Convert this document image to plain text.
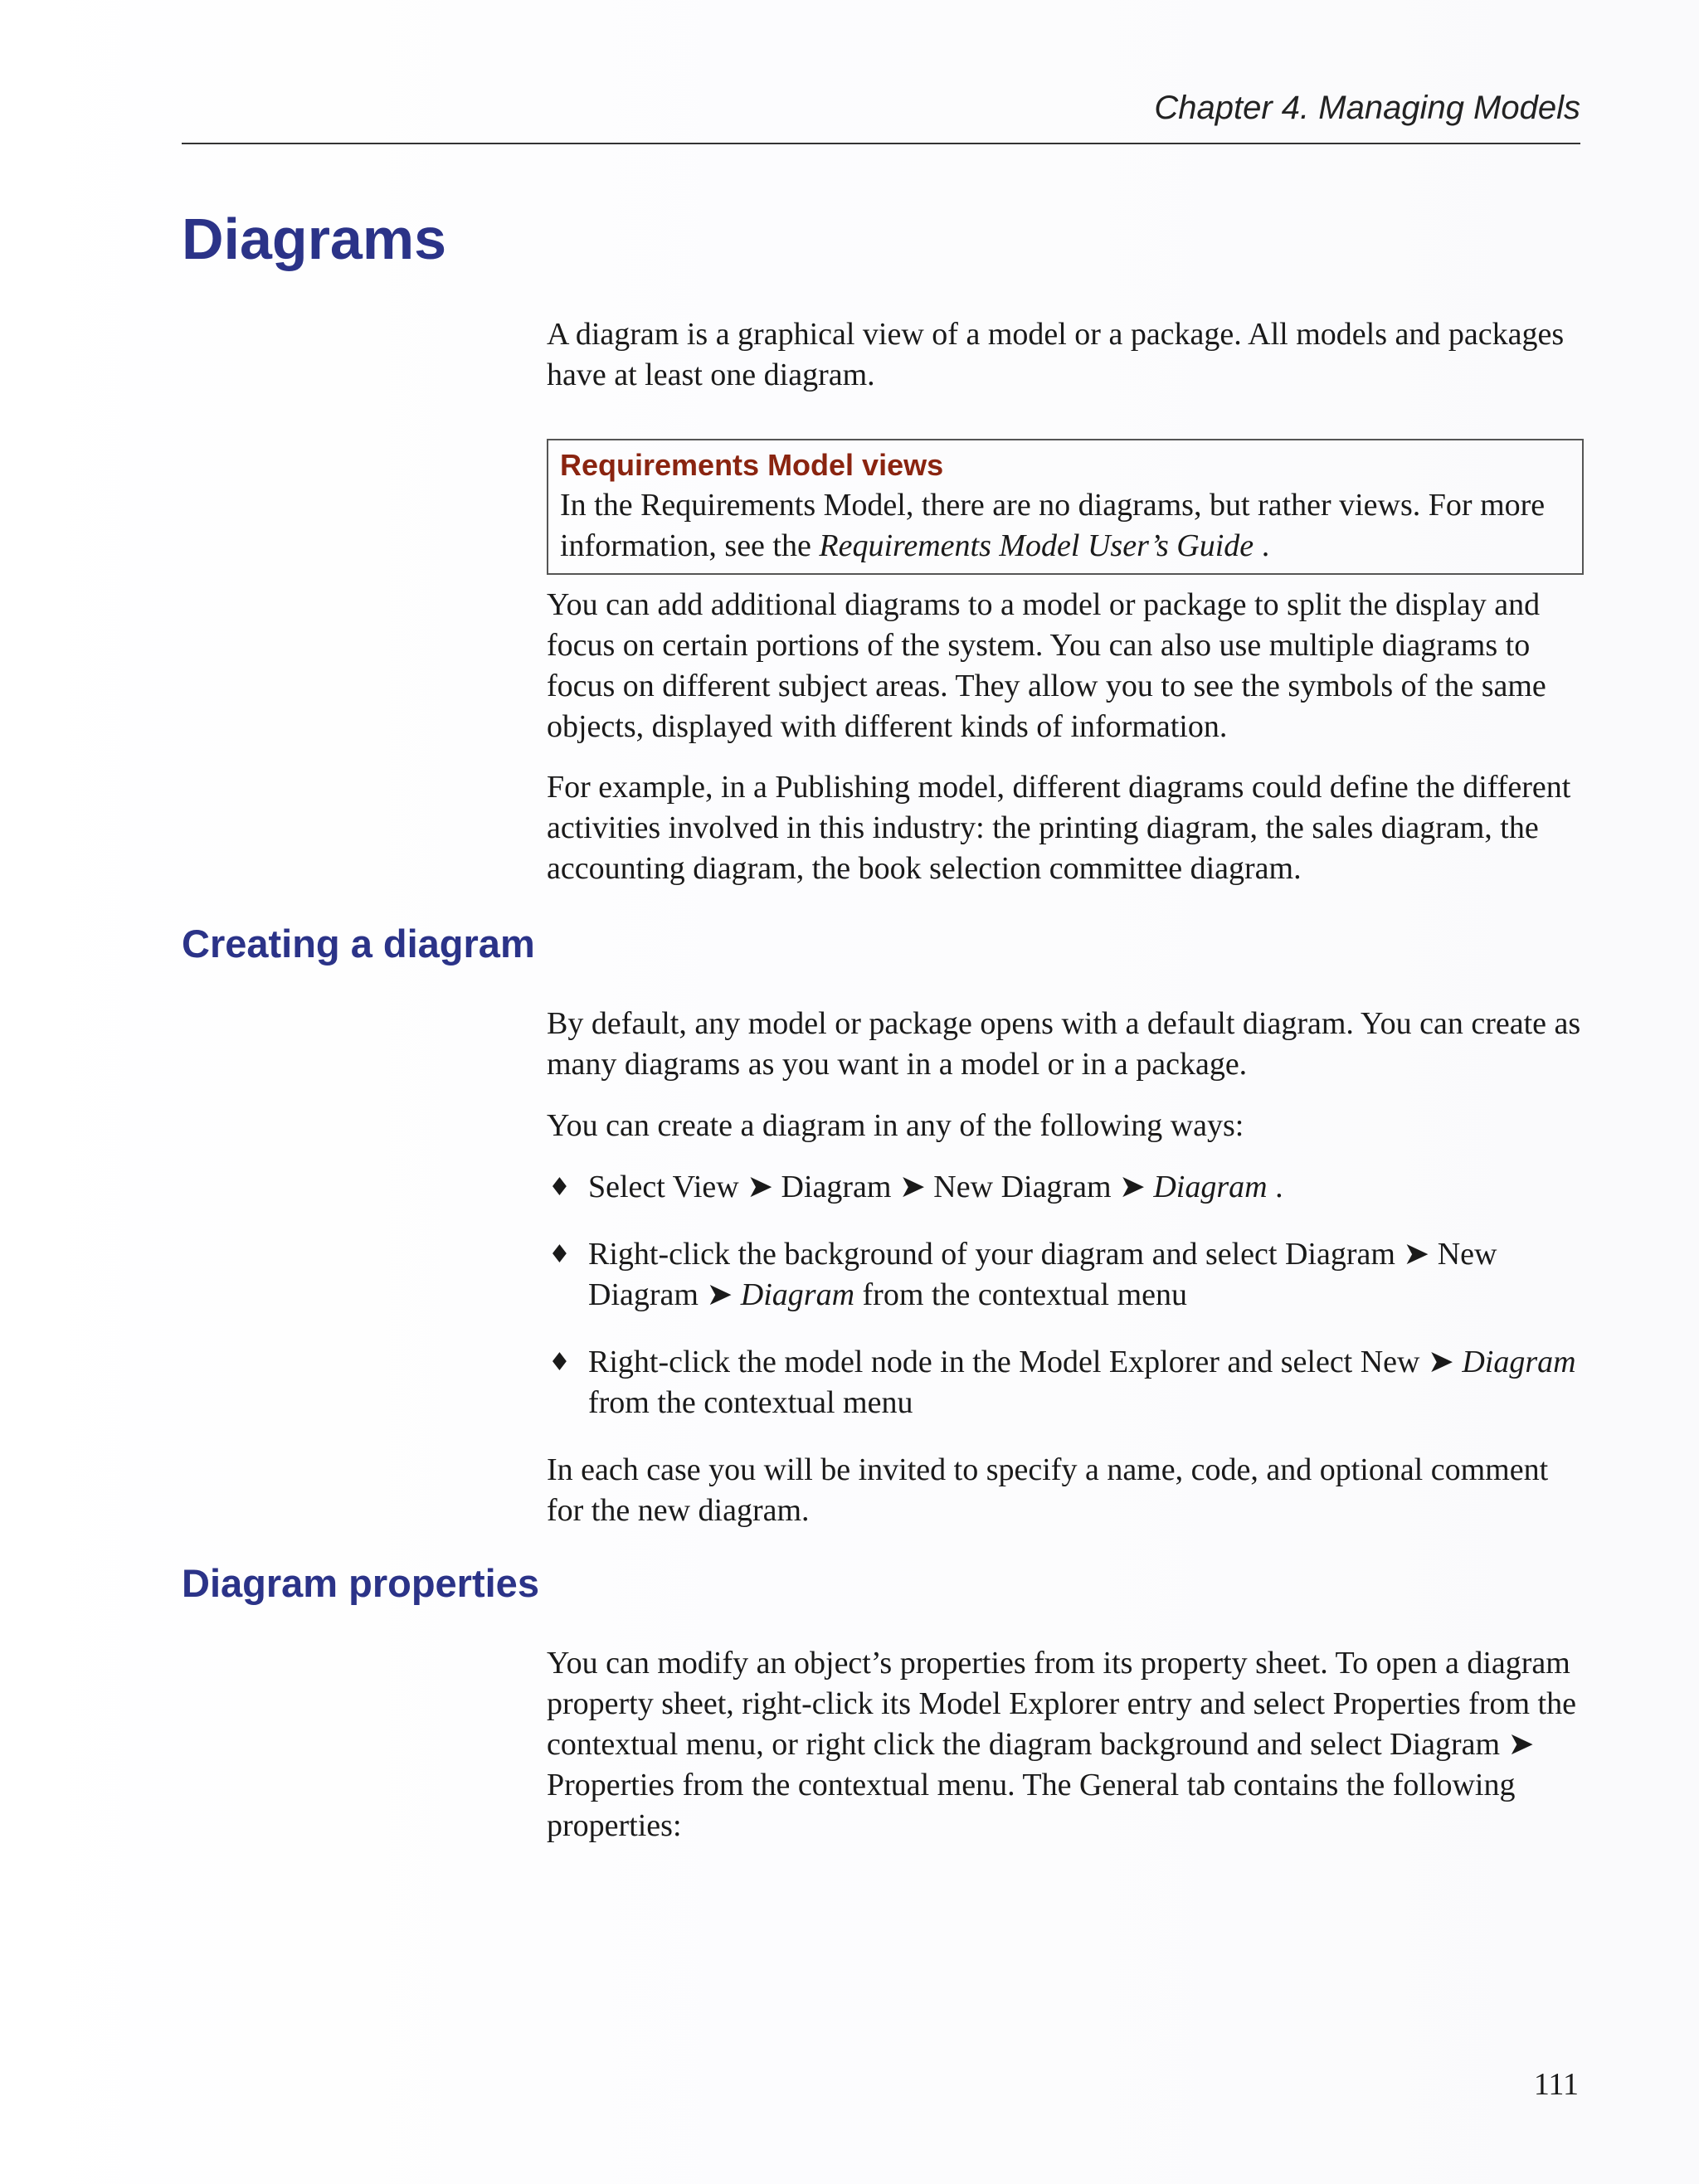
Chapter 4. Managing Models
Diagrams

A diagram is a graphical view of a model or a package. All models and packages have at least one diagram.

Requirements Model views

In the Requirements Model, there are no diagrams, but rather views. For more information, see the Requirements Model User’s Guide .

You can add additional diagrams to a model or package to split the display and focus on certain portions of the system. You can also use multiple diagrams to focus on different subject areas. They allow you to see the symbols of the same objects, displayed with different kinds of information.

For example, in a Publishing model, different diagrams could define the different activities involved in this industry: the printing diagram, the sales diagram, the accounting diagram, the book selection committee diagram.

Creating a diagram

By default, any model or package opens with a default diagram. You can create as many diagrams as you want in a model or in a package.

You can create a diagram in any of the following ways:

♦ Select View ➤ Diagram ➤ New Diagram ➤ Diagram .
♦ Right-click the background of your diagram and select Diagram ➤ New Diagram ➤ Diagram from the contextual menu
♦ Right-click the model node in the Model Explorer and select New ➤ Diagram from the contextual menu

In each case you will be invited to specify a name, code, and optional comment for the new diagram.

Diagram properties

You can modify an object’s properties from its property sheet. To open a diagram property sheet, right-click its Model Explorer entry and select Properties from the contextual menu, or right click the diagram background and select Diagram ➤ Properties from the contextual menu. The General tab contains the following properties:

111
